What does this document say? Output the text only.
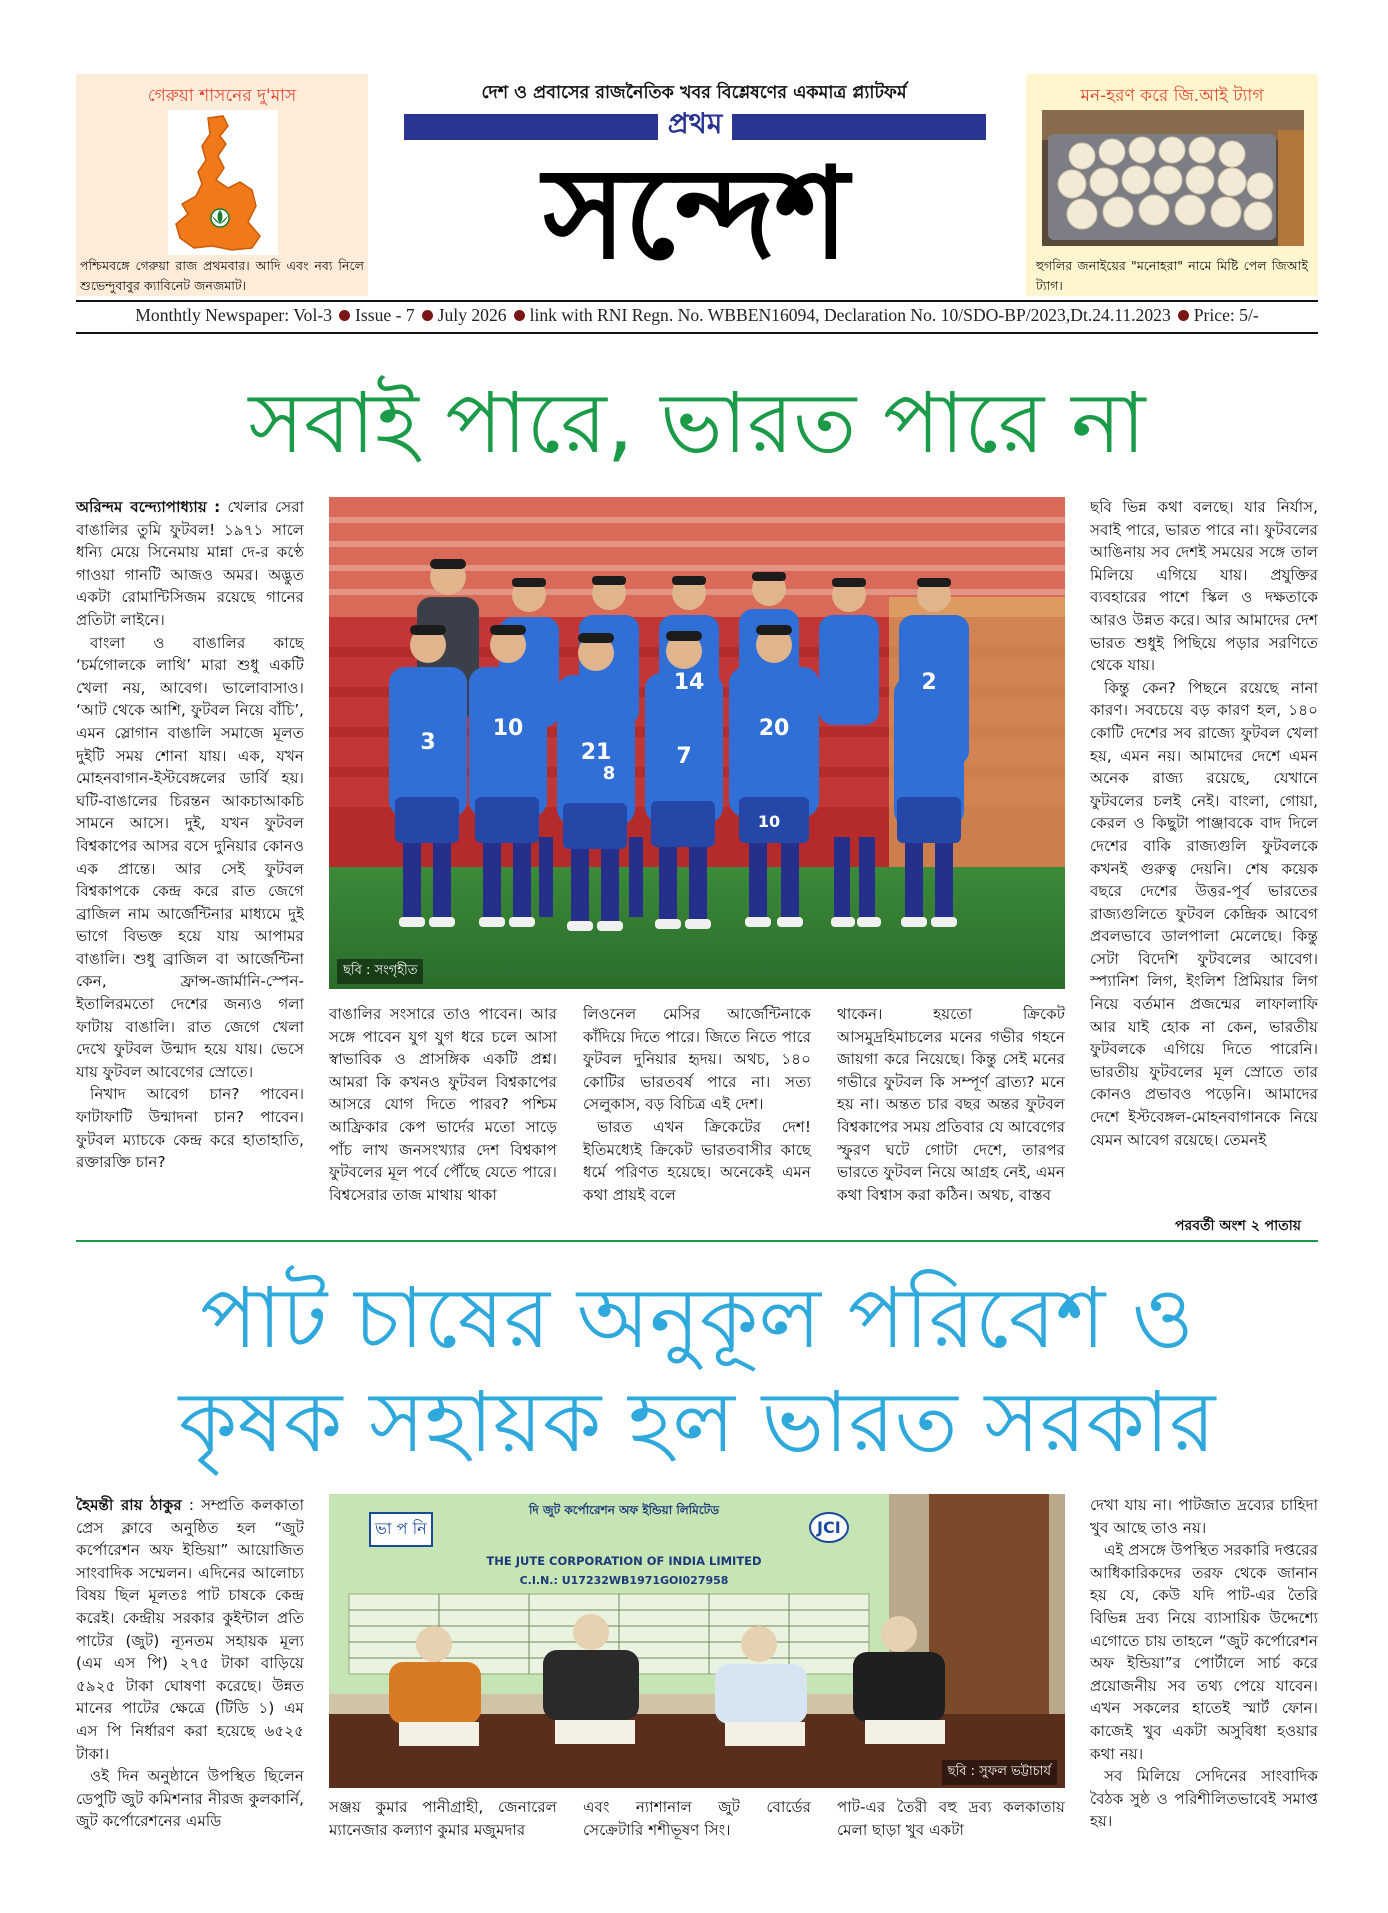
গেরুয়া শাসনের দু'মাস
পশ্চিমবঙ্গে গেরুয়া রাজ প্রথমবার। আদি এবং নব্য নিলে শুভেন্দুবাবুর ক্যাবিনেট জনজমাট।
দেশ ও প্রবাসের রাজনৈতিক খবর বিশ্লেষণের একমাত্র প্ল্যাটফর্ম
প্রথম
সন্দেশ
মন-হরণ করে জি.আই ট্যাগ
হুগলির জনাইয়ের "মনোহরা" নামে মিষ্টি পেল জিআই ট্যাগ।
Monthtly Newspaper: Vol-3 Issue - 7 July 2026 link with RNI Regn. No. WBBEN16094, Declaration No. 10/SDO-BP/2023,Dt.24.11.2023 Price: 5/-
সবাই পারে, ভারত পারে না

অরিন্দম বন্দ্যোপাধ্যায় : খেলার সেরা বাঙালির তুমি ফুটবল! ১৯৭১ সালে ধন্যি মেয়ে সিনেমায় মান্না দে-র কণ্ঠে গাওয়া গানটি আজও অমর। অদ্ভুত একটা রোমান্টিসিজম রয়েছে গানের প্রতিটা লাইনে।

বাংলা ও বাঙালির কাছে ‘চর্মগোলকে লাথি’ মারা শুধু একটি খেলা নয়, আবেগ। ভালোবাসাও। ‘আট থেকে আশি, ফুটবল নিয়ে বাঁচি’, এমন স্লোগান বাঙালি সমাজে মূলত দুইটি সময় শোনা যায়। এক, যখন মোহনবাগান-ইস্টবেঙ্গলের ডার্বি হয়। ঘটি-বাঙালের চিরন্তন আকচাআকচি সামনে আসে। দুই, যখন ফুটবল বিশ্বকাপের আসর বসে দুনিয়ার কোনও এক প্রান্তে। আর সেই ফুটবল বিশ্বকাপকে কেন্দ্র করে রাত জেগে ব্রাজিল নাম আর্জেন্টিনার মাধ্যমে দুই ভাগে বিভক্ত হয়ে যায় আপামর বাঙালি। শুধু ব্রাজিল বা আর্জেন্টিনা কেন, ফ্রান্স-জার্মানি-স্পেন-ইতালিরমতো দেশের জন্যও গলা ফাটায় বাঙালি। রাত জেগে খেলা দেখে ফুটবল উন্মাদ হয়ে যায়। ভেসে যায় ফুটবল আবেগের স্রোতে।

নিখাদ আবেগ চান? পাবেন। ফাটাফাটি উন্মাদনা চান? পাবেন। ফুটবল ম্যাচকে কেন্দ্র করে হাতাহাতি, রক্তারক্তি চান?

3
10
21	7
20
14	2
8
10
ছবি : সংগৃহীত

বাঙালির সংসারে তাও পাবেন। আর সঙ্গে পাবেন যুগ যুগ ধরে চলে আসা স্বাভাবিক ও প্রাসঙ্গিক একটি প্রশ্ন। আমরা কি কখনও ফুটবল বিশ্বকাপের আসরে যোগ দিতে পারব? পশ্চিম আফ্রিকার কেপ ভার্দের মতো সাড়ে পাঁচ লাখ জনসংখ্যার দেশ বিশ্বকাপ ফুটবলের মূল পর্বে পৌঁছে যেতে পারে। বিশ্বসেরার তাজ মাথায় থাকা

লিওনেল মেসির আর্জেন্টিনাকে কাঁদিয়ে দিতে পারে। জিতে নিতে পারে ফুটবল দুনিয়ার হৃদয়। অথচ, ১৪০ কোটির ভারতবর্ষ পারে না। সত্য সেলুকাস, বড় বিচিত্র এই দেশ।

ভারত এখন ক্রিকেটের দেশ! ইতিমধ্যেই ক্রিকেট ভারতবাসীর কাছে ধর্মে পরিণত হয়েছে। অনেকেই এমন কথা প্রায়ই বলে

থাকেন। হয়তো ক্রিকেট আসমুদ্রহিমাচলের মনের গভীর গহনে জায়গা করে নিয়েছে। কিন্তু সেই মনের গভীরে ফুটবল কি সম্পূর্ণ ব্রাত্য? মনে হয় না। অন্তত চার বছর অন্তর ফুটবল বিশ্বকাপের সময় প্রতিবার যে আবেগের স্ফুরণ ঘটে গোটা দেশে, তারপর ভারতে ফুটবল নিয়ে আগ্রহ নেই, এমন কথা বিশ্বাস করা কঠিন। অথচ, বাস্তব

ছবি ভিন্ন কথা বলছে। যার নির্যাস, সবাই পারে, ভারত পারে না। ফুটবলের আঙিনায় সব দেশই সময়ের সঙ্গে তাল মিলিয়ে এগিয়ে যায়। প্রযুক্তির ব্যবহারের পাশে স্কিল ও দক্ষতাকে আরও উন্নত করে। আর আমাদের দেশ ভারত শুধুই পিছিয়ে পড়ার সরণিতে থেকে যায়।

কিন্তু কেন? পিছনে রয়েছে নানা কারণ। সবচেয়ে বড় কারণ হল, ১৪০ কোটি দেশের সব রাজ্যে ফুটবল খেলা হয়, এমন নয়। আমাদের দেশে এমন অনেক রাজ্য রয়েছে, যেখানে ফুটবলের চলই নেই। বাংলা, গোয়া, কেরল ও কিছুটা পাঞ্জাবকে বাদ দিলে দেশের বাকি রাজ্যগুলি ফুটবলকে কখনই গুরুত্ব দেয়নি। শেষ কয়েক বছরে দেশের উত্তর-পূর্ব ভারতের রাজ্যগুলিতে ফুটবল কেন্দ্রিক আবেগ প্রবলভাবে ডালপালা মেলেছে। কিন্তু সেটা বিদেশি ফুটবলের আবেগ। স্প্যানিশ লিগ, ইংলিশ প্রিমিয়ার লিগ নিয়ে বর্তমান প্রজন্মের লাফালাফি আর যাই হোক না কেন, ভারতীয় ফুটবলকে এগিয়ে দিতে পারেনি। ভারতীয় ফুটবলের মূল স্রোতে তার কোনও প্রভাবও পড়েনি। আমাদের দেশে ইস্টবেঙ্গল-মোহনবাগানকে নিয়ে যেমন আবেগ রয়েছে। তেমনই

পরবর্তী অংশ ২ পাতায়
পাট চাষের অনুকূল পরিবেশ ও
কৃষক সহায়ক হল ভারত সরকার

হৈমন্তী রায় ঠাকুর : সম্প্রতি কলকাতা প্রেস ক্লাবে অনুষ্ঠিত হল “জুট কর্পোরেশন অফ ইন্ডিয়া” আয়োজিত সাংবাদিক সম্মেলন। এদিনের আলোচ্য বিষয় ছিল মূলতঃ পাট চাষকে কেন্দ্র করেই। কেন্দ্রীয় সরকার কুইন্টাল প্রতি পাটের (জুট) ন্যূনতম সহায়ক মূল্য (এম এস পি) ২৭৫ টাকা বাড়িয়ে ৫৯২৫ টাকা ঘোষণা করেছে। উন্নত মানের পাটের ক্ষেত্রে (টিডি ১) এম এস পি নির্ধারণ করা হয়েছে ৬৫২৫ টাকা।

ওই দিন অনুষ্ঠানে উপস্থিত ছিলেন ডেপুটি জুট কমিশনার নীরজ কুলকার্নি, জুট কর্পোরেশনের এমডি

ভা প নি	JCI
দি জুট কর্পোরেশন অফ ইন্ডিয়া লিমিটেড
THE JUTE CORPORATION OF INDIA LIMITED
C.I.N.: U17232WB1971GOI027958
ছবি : সুফল ভট্টাচার্য

সঞ্জয় কুমার পানীগ্রাহী, জেনারেল ম্যানেজার কল্যাণ কুমার মজুমদার

এবং ন্যাশানাল জুট বোর্ডের সেক্রেটারি শশীভূষণ সিং।

পাট-এর তৈরী বহু দ্রব্য কলকাতায় মেলা ছাড়া খুব একটা

দেখা যায় না। পাটজাত দ্রব্যের চাহিদা খুব আছে তাও নয়।

এই প্রসঙ্গে উপস্থিত সরকারি দপ্তরের আধিকারিকদের তরফ থেকে জানান হয় যে, কেউ যদি পাট-এর তৈরি বিভিন্ন দ্রব্য নিয়ে ব্যাসায়িক উদ্দেশ্যে এগোতে চায় তাহলে “জুট কর্পোরেশন অফ ইন্ডিয়া”র পোর্টালে সার্চ করে প্রয়োজনীয় সব তথ্য পেয়ে যাবেন। এখন সকলের হাতেই স্মার্ট ফোন। কাজেই খুব একটা অসুবিধা হওয়ার কথা নয়।

সব মিলিয়ে সেদিনের সাংবাদিক বৈঠক সুষ্ঠ ও পরিশীলিতভাবেই সমাপ্ত হয়।
